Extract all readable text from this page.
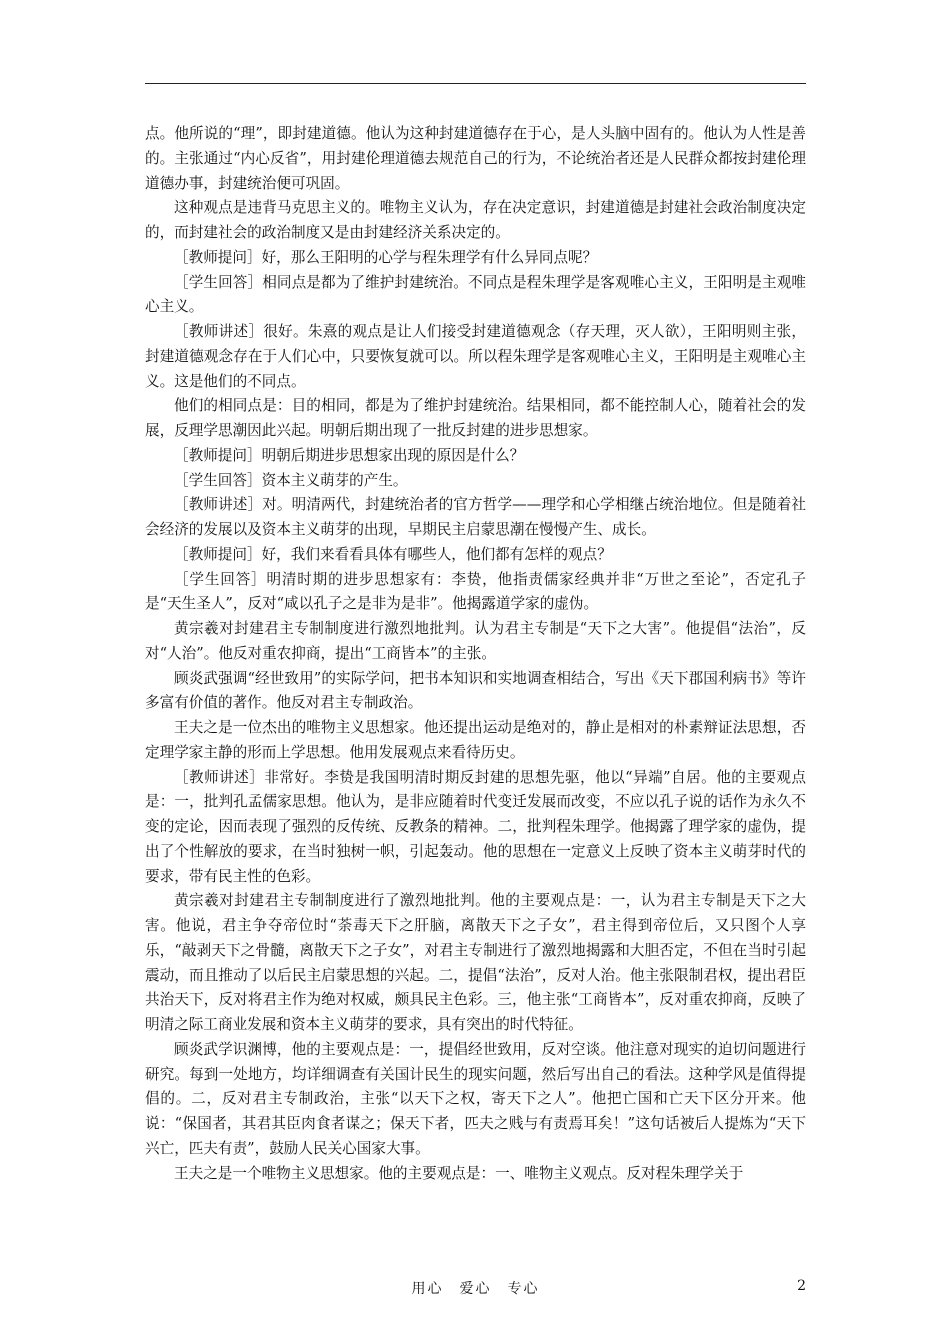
点。他所说的“理”，即封建道德。他认为这种封建道德存在于心，是人头脑中固有的。他认为人性是善的。主张通过“内心反省”，用封建伦理道德去规范自己的行为，不论统治者还是人民群众都按封建伦理道德办事，封建统治便可巩固。

这种观点是违背马克思主义的。唯物主义认为，存在决定意识，封建道德是封建社会政治制度决定的，而封建社会的政治制度又是由封建经济关系决定的。

［教师提问］好，那么王阳明的心学与程朱理学有什么异同点呢？

［学生回答］相同点是都为了维护封建统治。不同点是程朱理学是客观唯心主义，王阳明是主观唯心主义。

［教师讲述］很好。朱熹的观点是让人们接受封建道德观念（存天理，灭人欲），王阳明则主张，封建道德观念存在于人们心中，只要恢复就可以。所以程朱理学是客观唯心主义，王阳明是主观唯心主义。这是他们的不同点。

他们的相同点是：目的相同，都是为了维护封建统治。结果相同，都不能控制人心，随着社会的发展，反理学思潮因此兴起。明朝后期出现了一批反封建的进步思想家。

［教师提问］明朝后期进步思想家出现的原因是什么？

［学生回答］资本主义萌芽的产生。

［教师讲述］对。明清两代，封建统治者的官方哲学——理学和心学相继占统治地位。但是随着社会经济的发展以及资本主义萌芽的出现，早期民主启蒙思潮在慢慢产生、成长。

［教师提问］好，我们来看看具体有哪些人，他们都有怎样的观点？

［学生回答］明清时期的进步思想家有：李贽，他指责儒家经典并非“万世之至论”，否定孔子是“天生圣人”，反对“咸以孔子之是非为是非”。他揭露道学家的虚伪。

黄宗羲对封建君主专制制度进行激烈地批判。认为君主专制是“天下之大害”。他提倡“法治”，反对“人治”。他反对重农抑商，提出“工商皆本”的主张。

顾炎武强调“经世致用”的实际学问，把书本知识和实地调查相结合，写出《天下郡国利病书》等许多富有价值的著作。他反对君主专制政治。

王夫之是一位杰出的唯物主义思想家。他还提出运动是绝对的，静止是相对的朴素辩证法思想，否定理学家主静的形而上学思想。他用发展观点来看待历史。

［教师讲述］非常好。李贽是我国明清时期反封建的思想先驱，他以“异端”自居。他的主要观点是：一，批判孔孟儒家思想。他认为，是非应随着时代变迁发展而改变，不应以孔子说的话作为永久不变的定论，因而表现了强烈的反传统、反教条的精神。二，批判程朱理学。他揭露了理学家的虚伪，提出了个性解放的要求，在当时独树一帜，引起轰动。他的思想在一定意义上反映了资本主义萌芽时代的要求，带有民主性的色彩。

黄宗羲对封建君主专制制度进行了激烈地批判。他的主要观点是：一，认为君主专制是天下之大害。他说，君主争夺帝位时“荼毒天下之肝脑，离散天下之子女”，君主得到帝位后，又只图个人享乐，“敲剥天下之骨髓，离散天下之子女”，对君主专制进行了激烈地揭露和大胆否定，不但在当时引起震动，而且推动了以后民主启蒙思想的兴起。二，提倡“法治”，反对人治。他主张限制君权，提出君臣共治天下，反对将君主作为绝对权威，颇具民主色彩。三，他主张“工商皆本”，反对重农抑商，反映了明清之际工商业发展和资本主义萌芽的要求，具有突出的时代特征。

顾炎武学识渊博，他的主要观点是：一，提倡经世致用，反对空谈。他注意对现实的迫切问题进行研究。每到一处地方，均详细调查有关国计民生的现实问题，然后写出自己的看法。这种学风是值得提倡的。二，反对君主专制政治，主张“以天下之权，寄天下之人”。他把亡国和亡天下区分开来。他说：“保国者，其君其臣肉食者谋之；保天下者，匹夫之贱与有责焉耳矣！”这句话被后人提炼为“天下兴亡，匹夫有责”，鼓励人民关心国家大事。

王夫之是一个唯物主义思想家。他的主要观点是：一、唯物主义观点。反对程朱理学关于

用心　爱心　专心	2
